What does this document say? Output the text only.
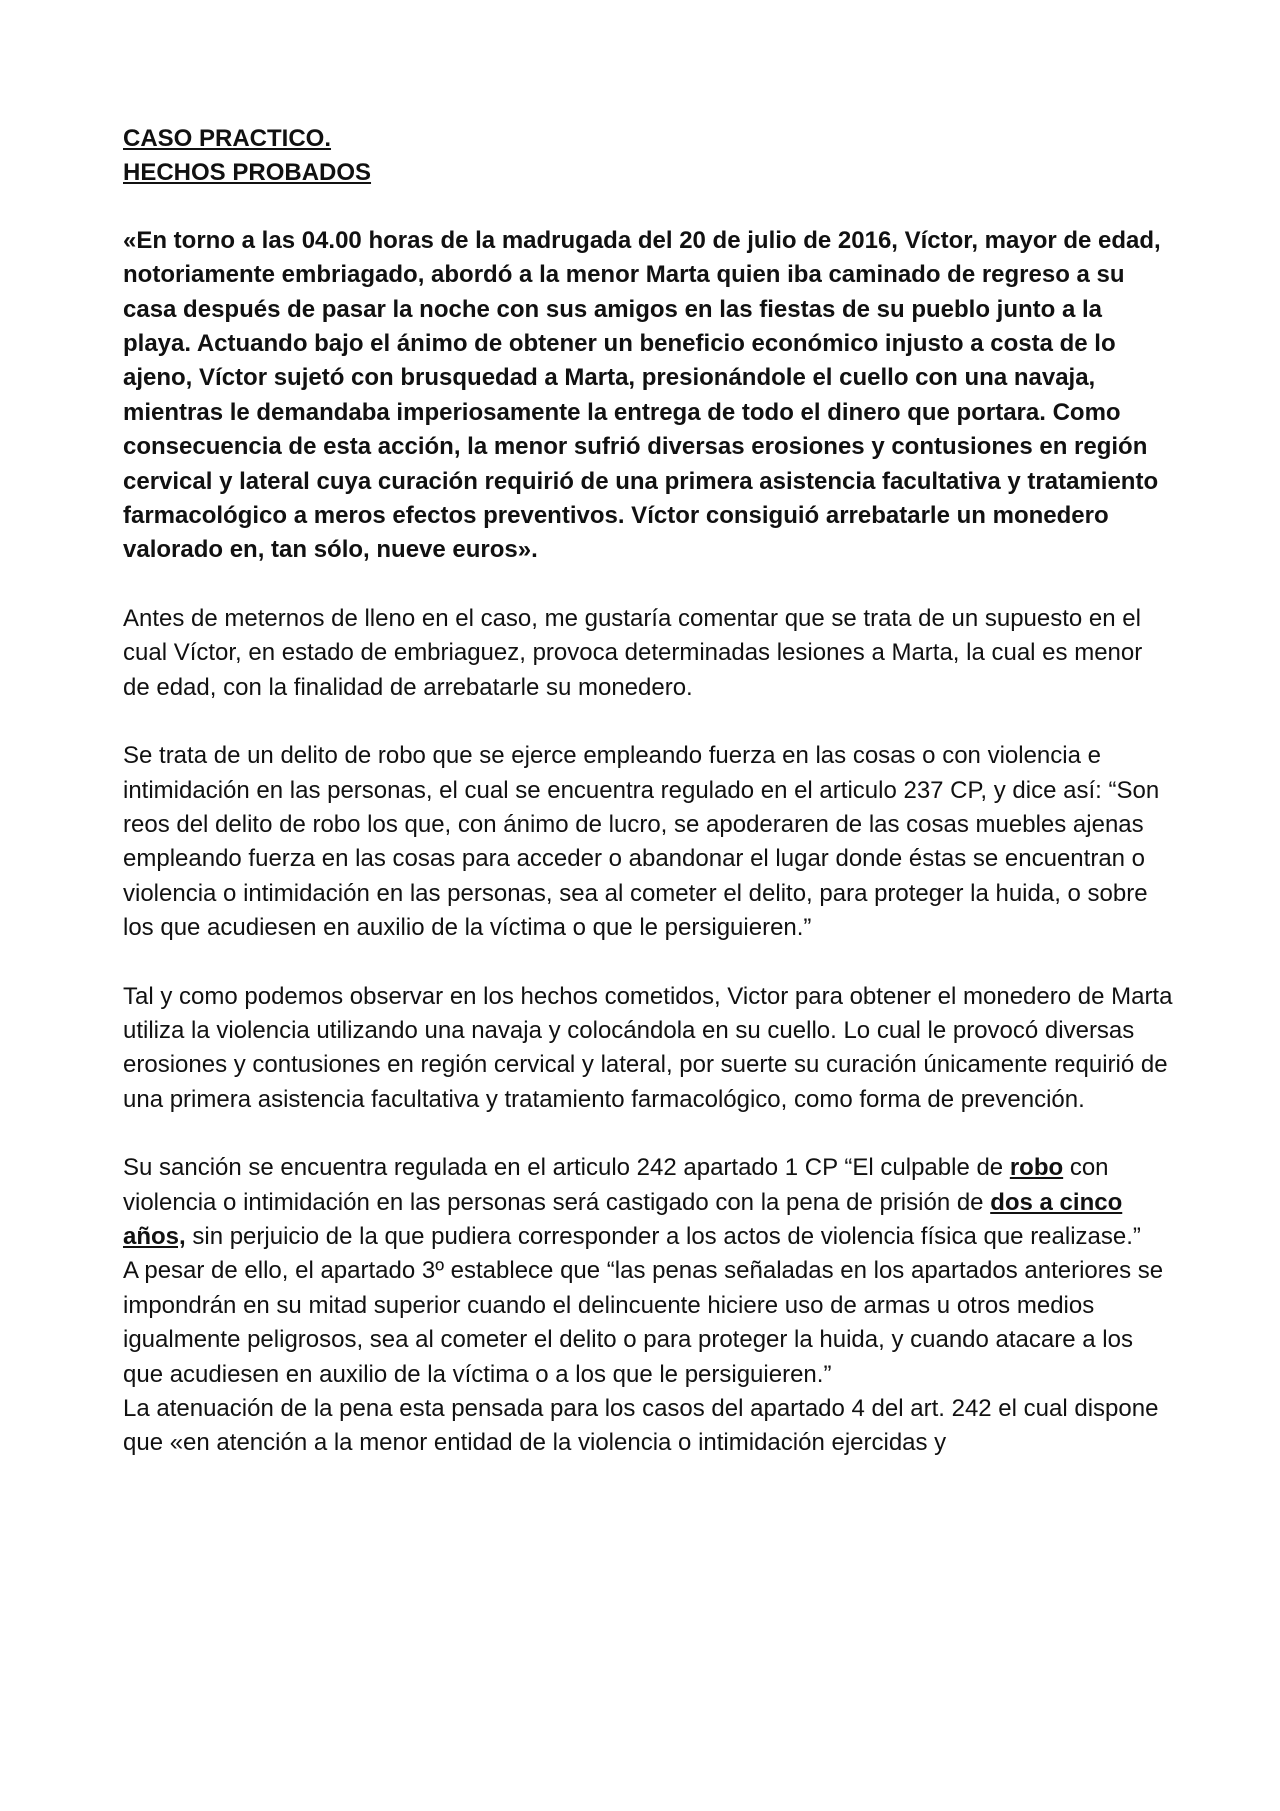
CASO PRACTICO.
HECHOS PROBADOS
«En torno a las 04.00 horas de la madrugada del 20 de julio de 2016, Víctor, mayor de edad, notoriamente embriagado, abordó a la menor Marta quien iba caminado de regreso a su casa después de pasar la noche con sus amigos en las fiestas de su pueblo junto a la playa. Actuando bajo el ánimo de obtener un beneficio económico injusto a costa de lo ajeno, Víctor sujetó con brusquedad a Marta, presionándole el cuello con una navaja, mientras le demandaba imperiosamente la entrega de todo el dinero que portara. Como consecuencia de esta acción, la menor sufrió diversas erosiones y contusiones en región cervical y lateral cuya curación requirió de una primera asistencia facultativa y tratamiento farmacológico a meros efectos preventivos. Víctor consiguió arrebatarle un monedero valorado en, tan sólo, nueve euros».

Antes de meternos de lleno en el caso, me gustaría comentar que se trata de un supuesto en el cual Víctor, en estado de embriaguez, provoca determinadas lesiones a Marta, la cual es menor de edad, con la finalidad de arrebatarle su monedero.

Se trata de un delito de robo que se ejerce empleando fuerza en las cosas o con violencia e intimidación en las personas, el cual se encuentra regulado en el articulo 237 CP, y dice así: “Son reos del delito de robo los que, con ánimo de lucro, se apoderaren de las cosas muebles ajenas empleando fuerza en las cosas para acceder o abandonar el lugar donde éstas se encuentran o violencia o intimidación en las personas, sea al cometer el delito, para proteger la huida, o sobre los que acudiesen en auxilio de la víctima o que le persiguieren.”

Tal y como podemos observar en los hechos cometidos, Victor para obtener el monedero de Marta utiliza la violencia utilizando una navaja y colocándola en su cuello. Lo cual le provocó diversas erosiones y contusiones en región cervical y lateral, por suerte su curación únicamente requirió de una primera asistencia facultativa y tratamiento farmacológico, como forma de prevención.

Su sanción se encuentra regulada en el articulo 242 apartado 1 CP “El culpable de robo con violencia o intimidación en las personas será castigado con la pena de prisión de dos a cinco años, sin perjuicio de la que pudiera corresponder a los actos de violencia física que realizase.”

A pesar de ello, el apartado 3º establece que “las penas señaladas en los apartados anteriores se impondrán en su mitad superior cuando el delincuente hiciere uso de armas u otros medios igualmente peligrosos, sea al cometer el delito o para proteger la huida, y cuando atacare a los que acudiesen en auxilio de la víctima o a los que le persiguieren.”

La atenuación de la pena esta pensada para los casos del apartado 4 del art. 242 el cual dispone que «en atención a la menor entidad de la violencia o intimidación ejercidas y
